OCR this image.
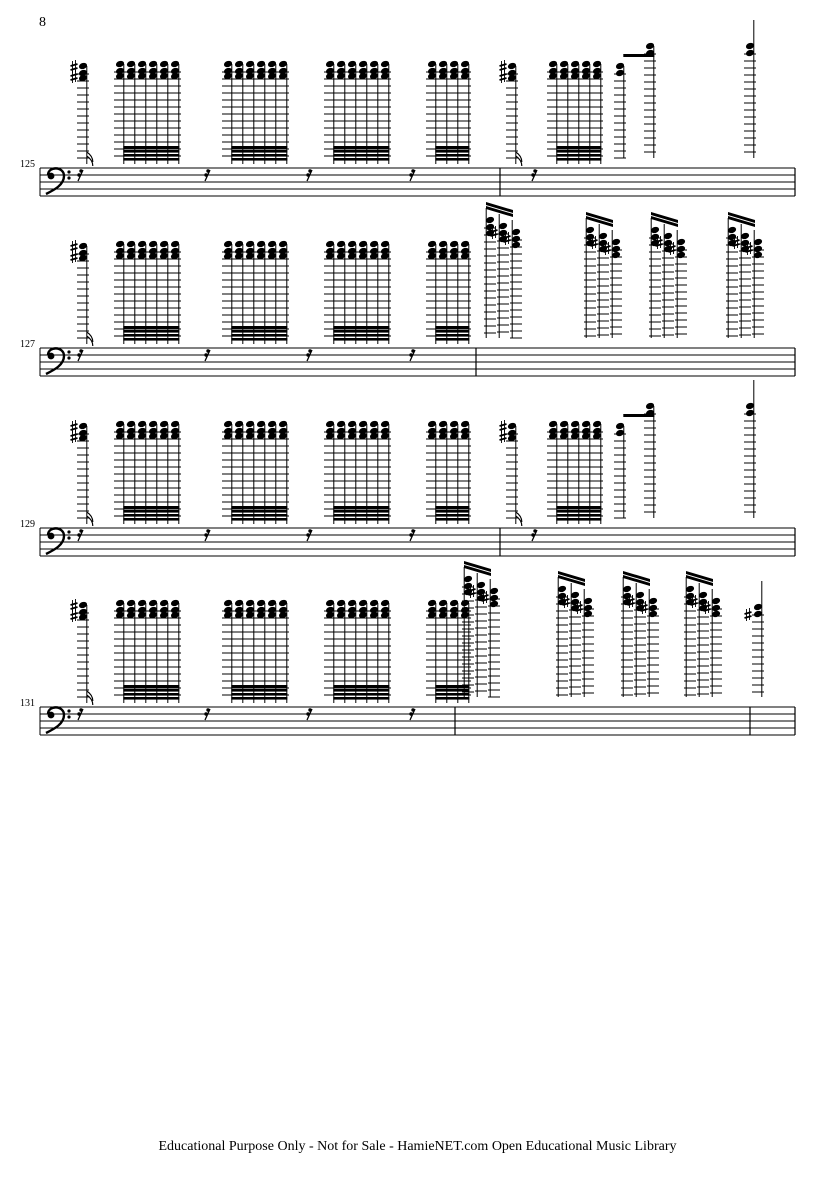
8
125
127
129
131
Educational Purpose Only - Not for Sale - HamieNET.com Open Educational Music Library
